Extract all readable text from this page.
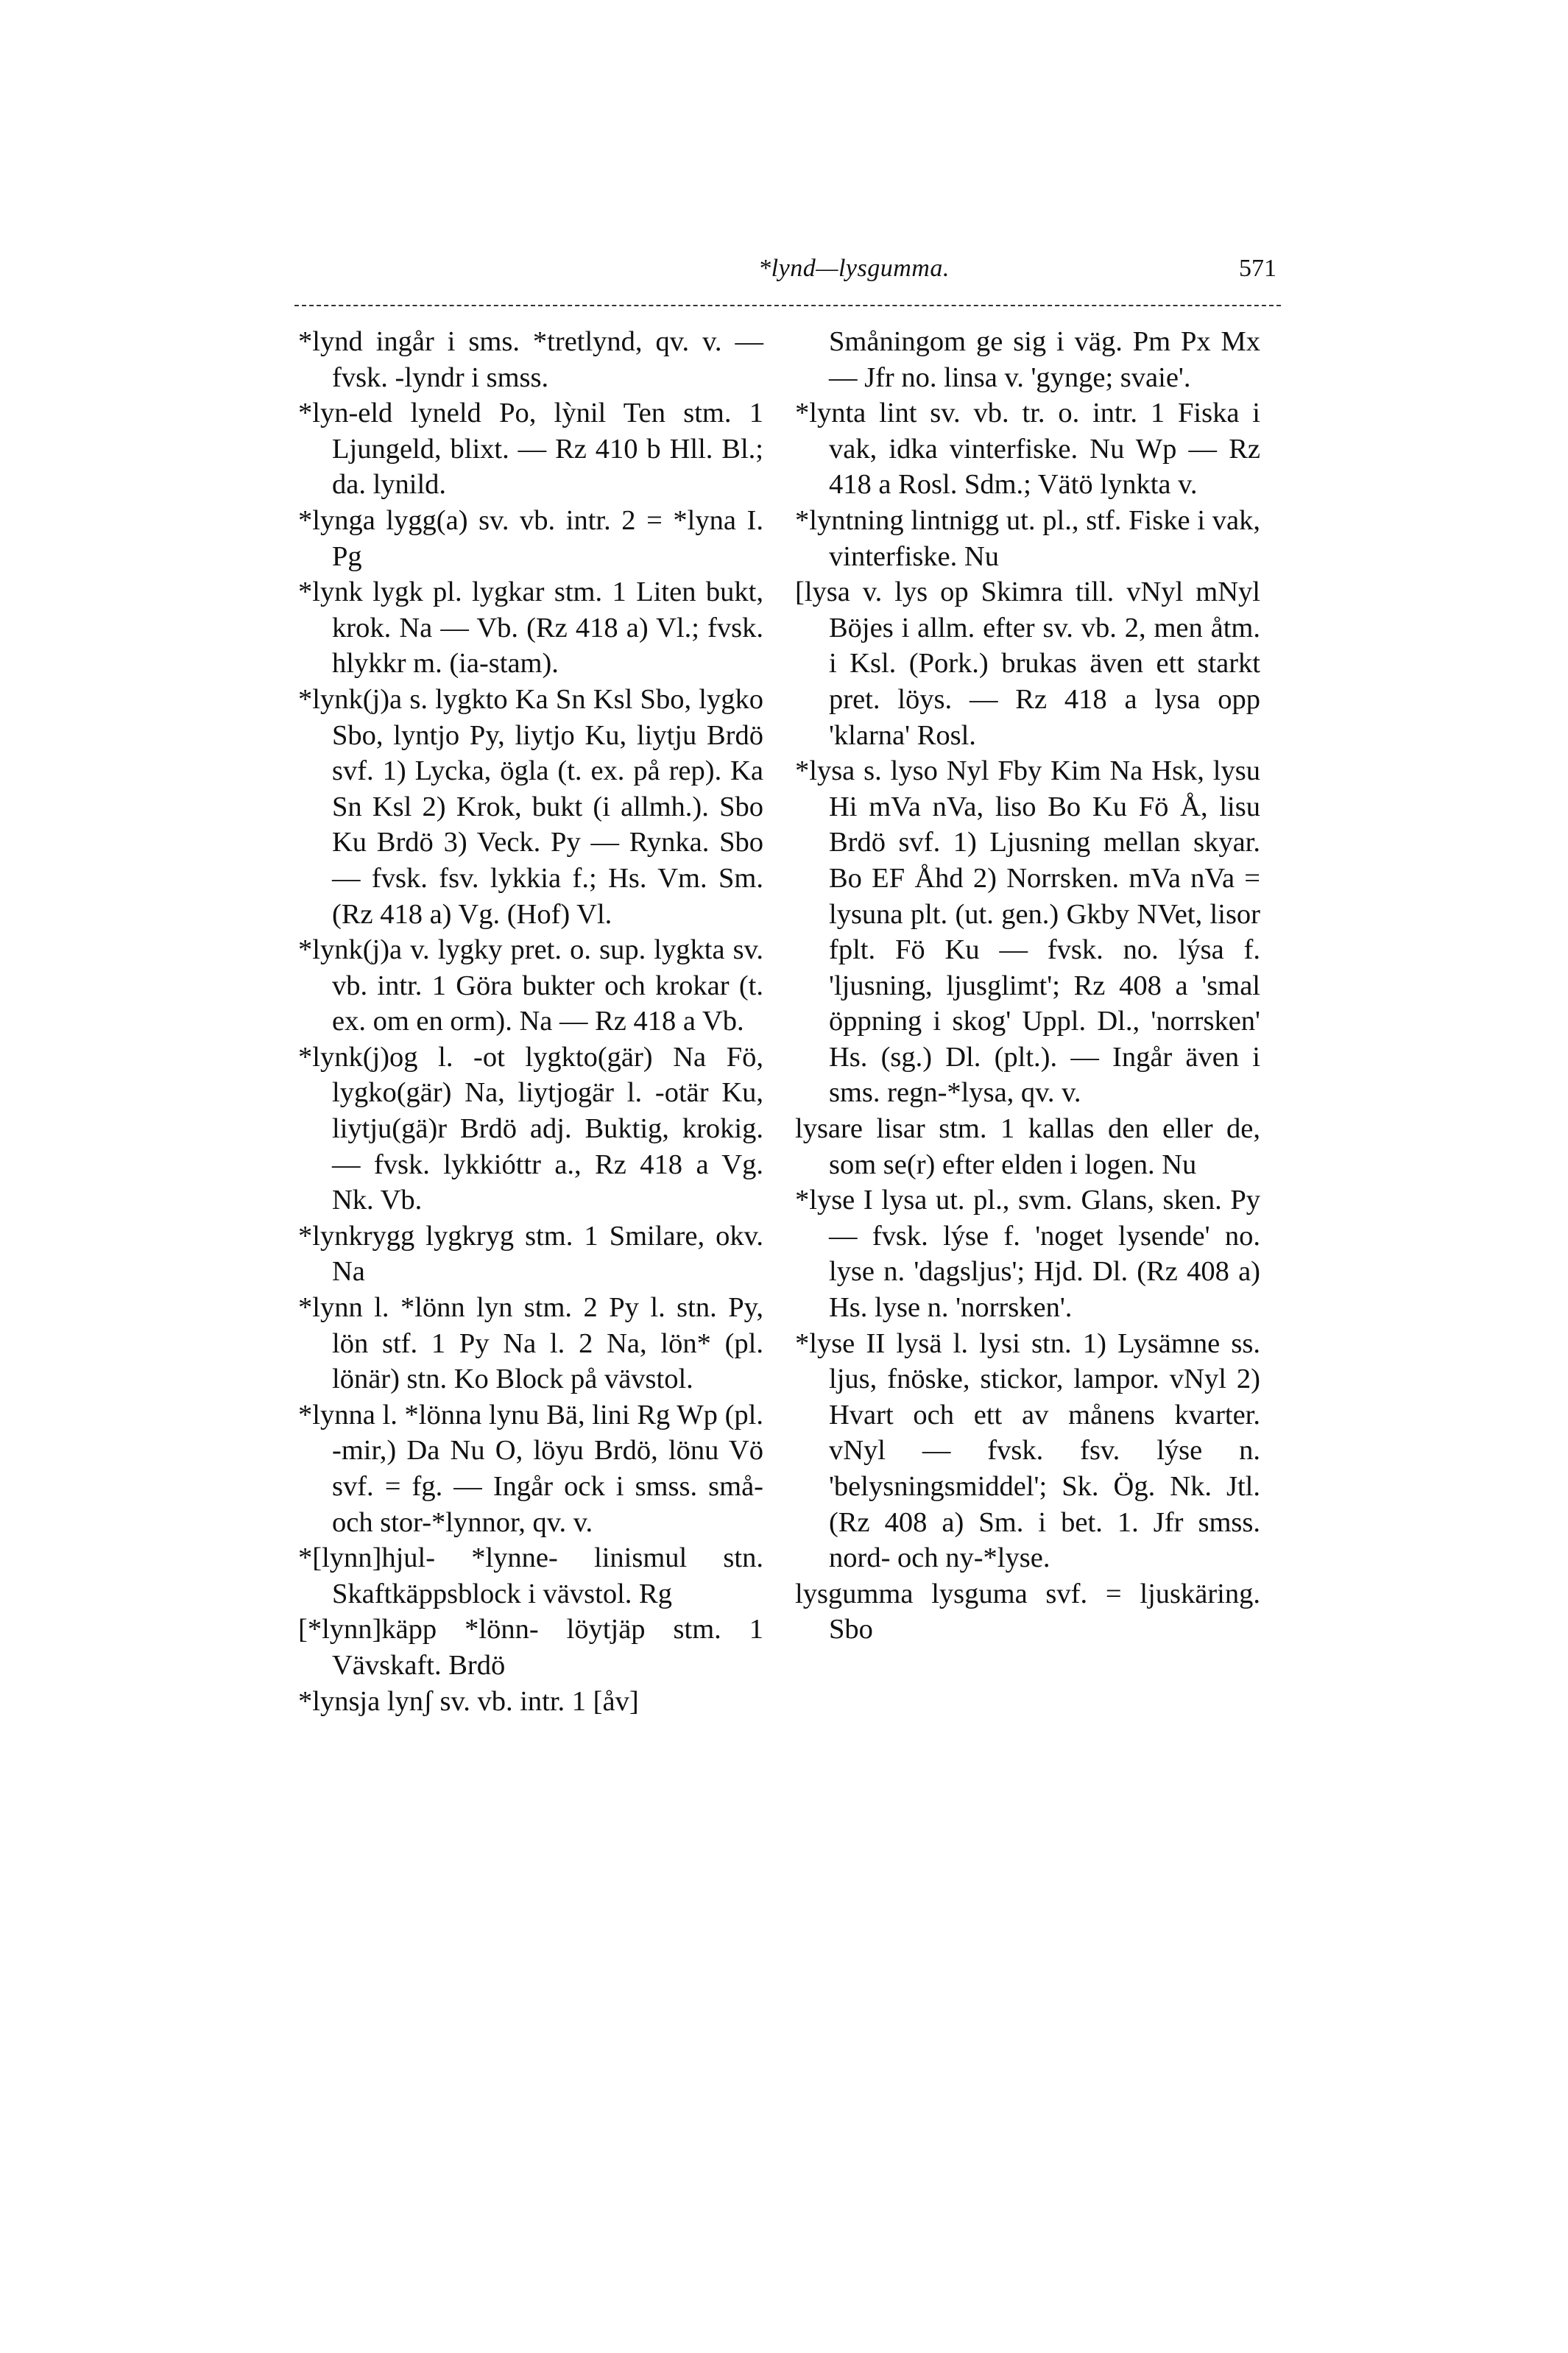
*lynd—lysgumma.	571

*lynd ingår i sms. *tretlynd, qv. v. — fvsk. -lyndr i smss.

*lyn-eld lyneld Po, lỳnil Ten stm. 1 Ljungeld, blixt. — Rz 410 b Hll. Bl.; da. lynild.

*lynga lygg(a) sv. vb. intr. 2 = *lyna I. Pg

*lynk lygk pl. lygkar stm. 1 Liten bukt, krok. Na — Vb. (Rz 418 a) Vl.; fvsk. hlykkr m. (ia-stam).

*lynk(j)a s. lygkto Ka Sn Ksl Sbo, lygko Sbo, lyntjo Py, liytjo Ku, liytju Brdö svf. 1) Lycka, ögla (t. ex. på rep). Ka Sn Ksl 2) Krok, bukt (i allmh.). Sbo Ku Brdö 3) Veck. Py — Rynka. Sbo — fvsk. fsv. lykkia f.; Hs. Vm. Sm. (Rz 418 a) Vg. (Hof) Vl.

*lynk(j)a v. lygky pret. o. sup. lygkta sv. vb. intr. 1 Göra bukter och krokar (t. ex. om en orm). Na — Rz 418 a Vb.

*lynk(j)og l. -ot lygkto(gär) Na Fö, lygko(gär) Na, liytjogär l. -otär Ku, liytju(gä)r Brdö adj. Buktig, krokig. — fvsk. lykkióttr a., Rz 418 a Vg. Nk. Vb.

*lynkrygg lygkryg stm. 1 Smilare, okv. Na

*lynn l. *lönn lyn stm. 2 Py l. stn. Py, lön stf. 1 Py Na l. 2 Na, lön* (pl. lönär) stn. Ko Block på vävstol.

*lynna l. *lönna lynu Bä, lini Rg Wp (pl. -mir,) Da Nu O, löyu Brdö, lönu Vö svf. = fg. — Ingår ock i smss. små- och stor-*lynnor, qv. v.

*[lynn]hjul- *lynne- linismul stn. Skaftkäppsblock i vävstol. Rg

[*lynn]käpp *lönn- löytjäp stm. 1 Vävskaft. Brdö

*lynsja lynʃ sv. vb. intr. 1 [åv]

Småningom ge sig i väg. Pm Px Mx — Jfr no. linsa v. 'gynge; svaie'.

*lynta lint sv. vb. tr. o. intr. 1 Fiska i vak, idka vinterfiske. Nu Wp — Rz 418 a Rosl. Sdm.; Vätö lynkta v.

*lyntning lintnigg ut. pl., stf. Fiske i vak, vinterfiske. Nu

[lysa v. lys op Skimra till. vNyl mNyl Böjes i allm. efter sv. vb. 2, men åtm. i Ksl. (Pork.) brukas även ett starkt pret. löys. — Rz 418 a lysa opp 'klarna' Rosl.

*lysa s. lyso Nyl Fby Kim Na Hsk, lysu Hi mVa nVa, liso Bo Ku Fö Å, lisu Brdö svf. 1) Ljusning mellan skyar. Bo EF Åhd 2) Norrsken. mVa nVa = lysuna plt. (ut. gen.) Gkby NVet, lisor fplt. Fö Ku — fvsk. no. lýsa f. 'ljusning, ljusglimt'; Rz 408 a 'smal öppning i skog' Uppl. Dl., 'norrsken' Hs. (sg.) Dl. (plt.). — Ingår även i sms. regn-*lysa, qv. v.

lysare lisar stm. 1 kallas den eller de, som se(r) efter elden i logen. Nu

*lyse I lysa ut. pl., svm. Glans, sken. Py — fvsk. lýse f. 'noget lysende' no. lyse n. 'dagsljus'; Hjd. Dl. (Rz 408 a) Hs. lyse n. 'norrsken'.

*lyse II lysä l. lysi stn. 1) Lysämne ss. ljus, fnöske, stickor, lampor. vNyl 2) Hvart och ett av månens kvarter. vNyl — fvsk. fsv. lýse n. 'belysningsmiddel'; Sk. Ög. Nk. Jtl. (Rz 408 a) Sm. i bet. 1. Jfr smss. nord- och ny-*lyse.

lysgumma lysguma svf. = ljuskäring. Sbo
